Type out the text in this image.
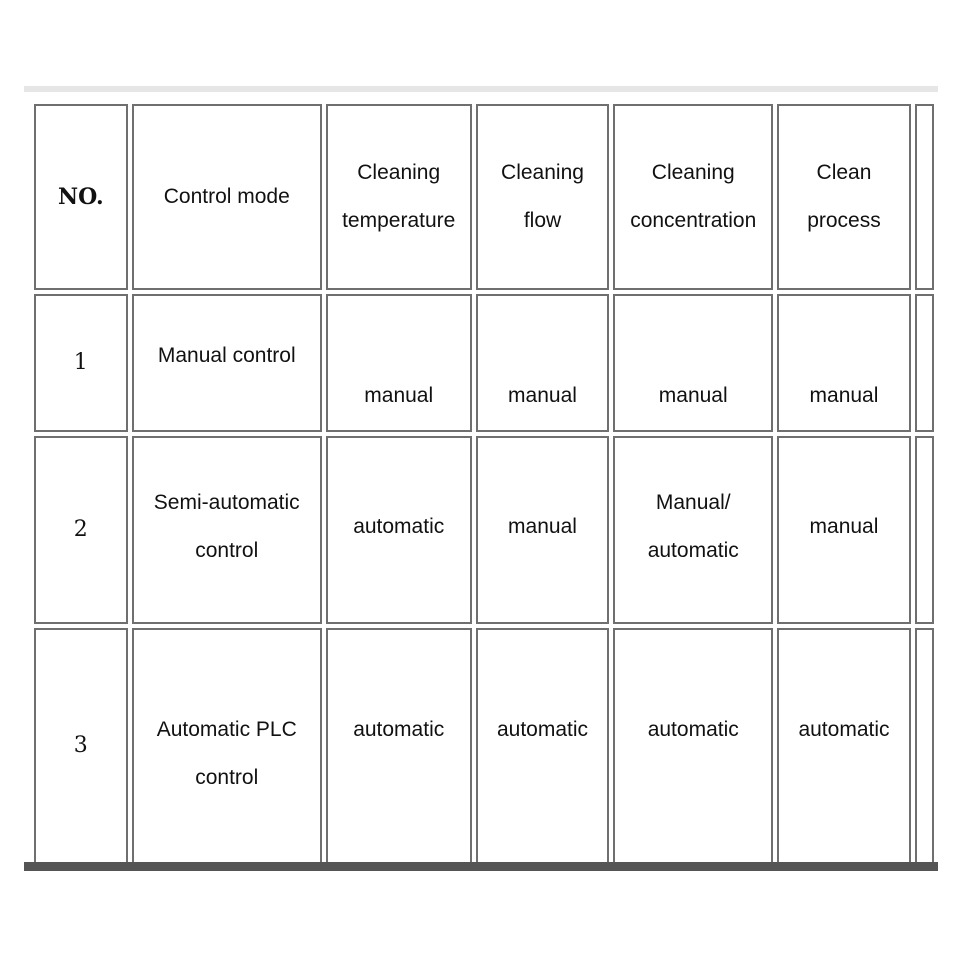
NO.	Control mode	Cleaning temperature	Cleaning flow	Cleaning concentration	Clean process	
1	Manual control	manual	manual	manual	manual	
2	Semi-automatic control	automatic	manual	Manual/ automatic	manual	
3	Automatic PLC control	automatic	automatic	automatic	automatic	
